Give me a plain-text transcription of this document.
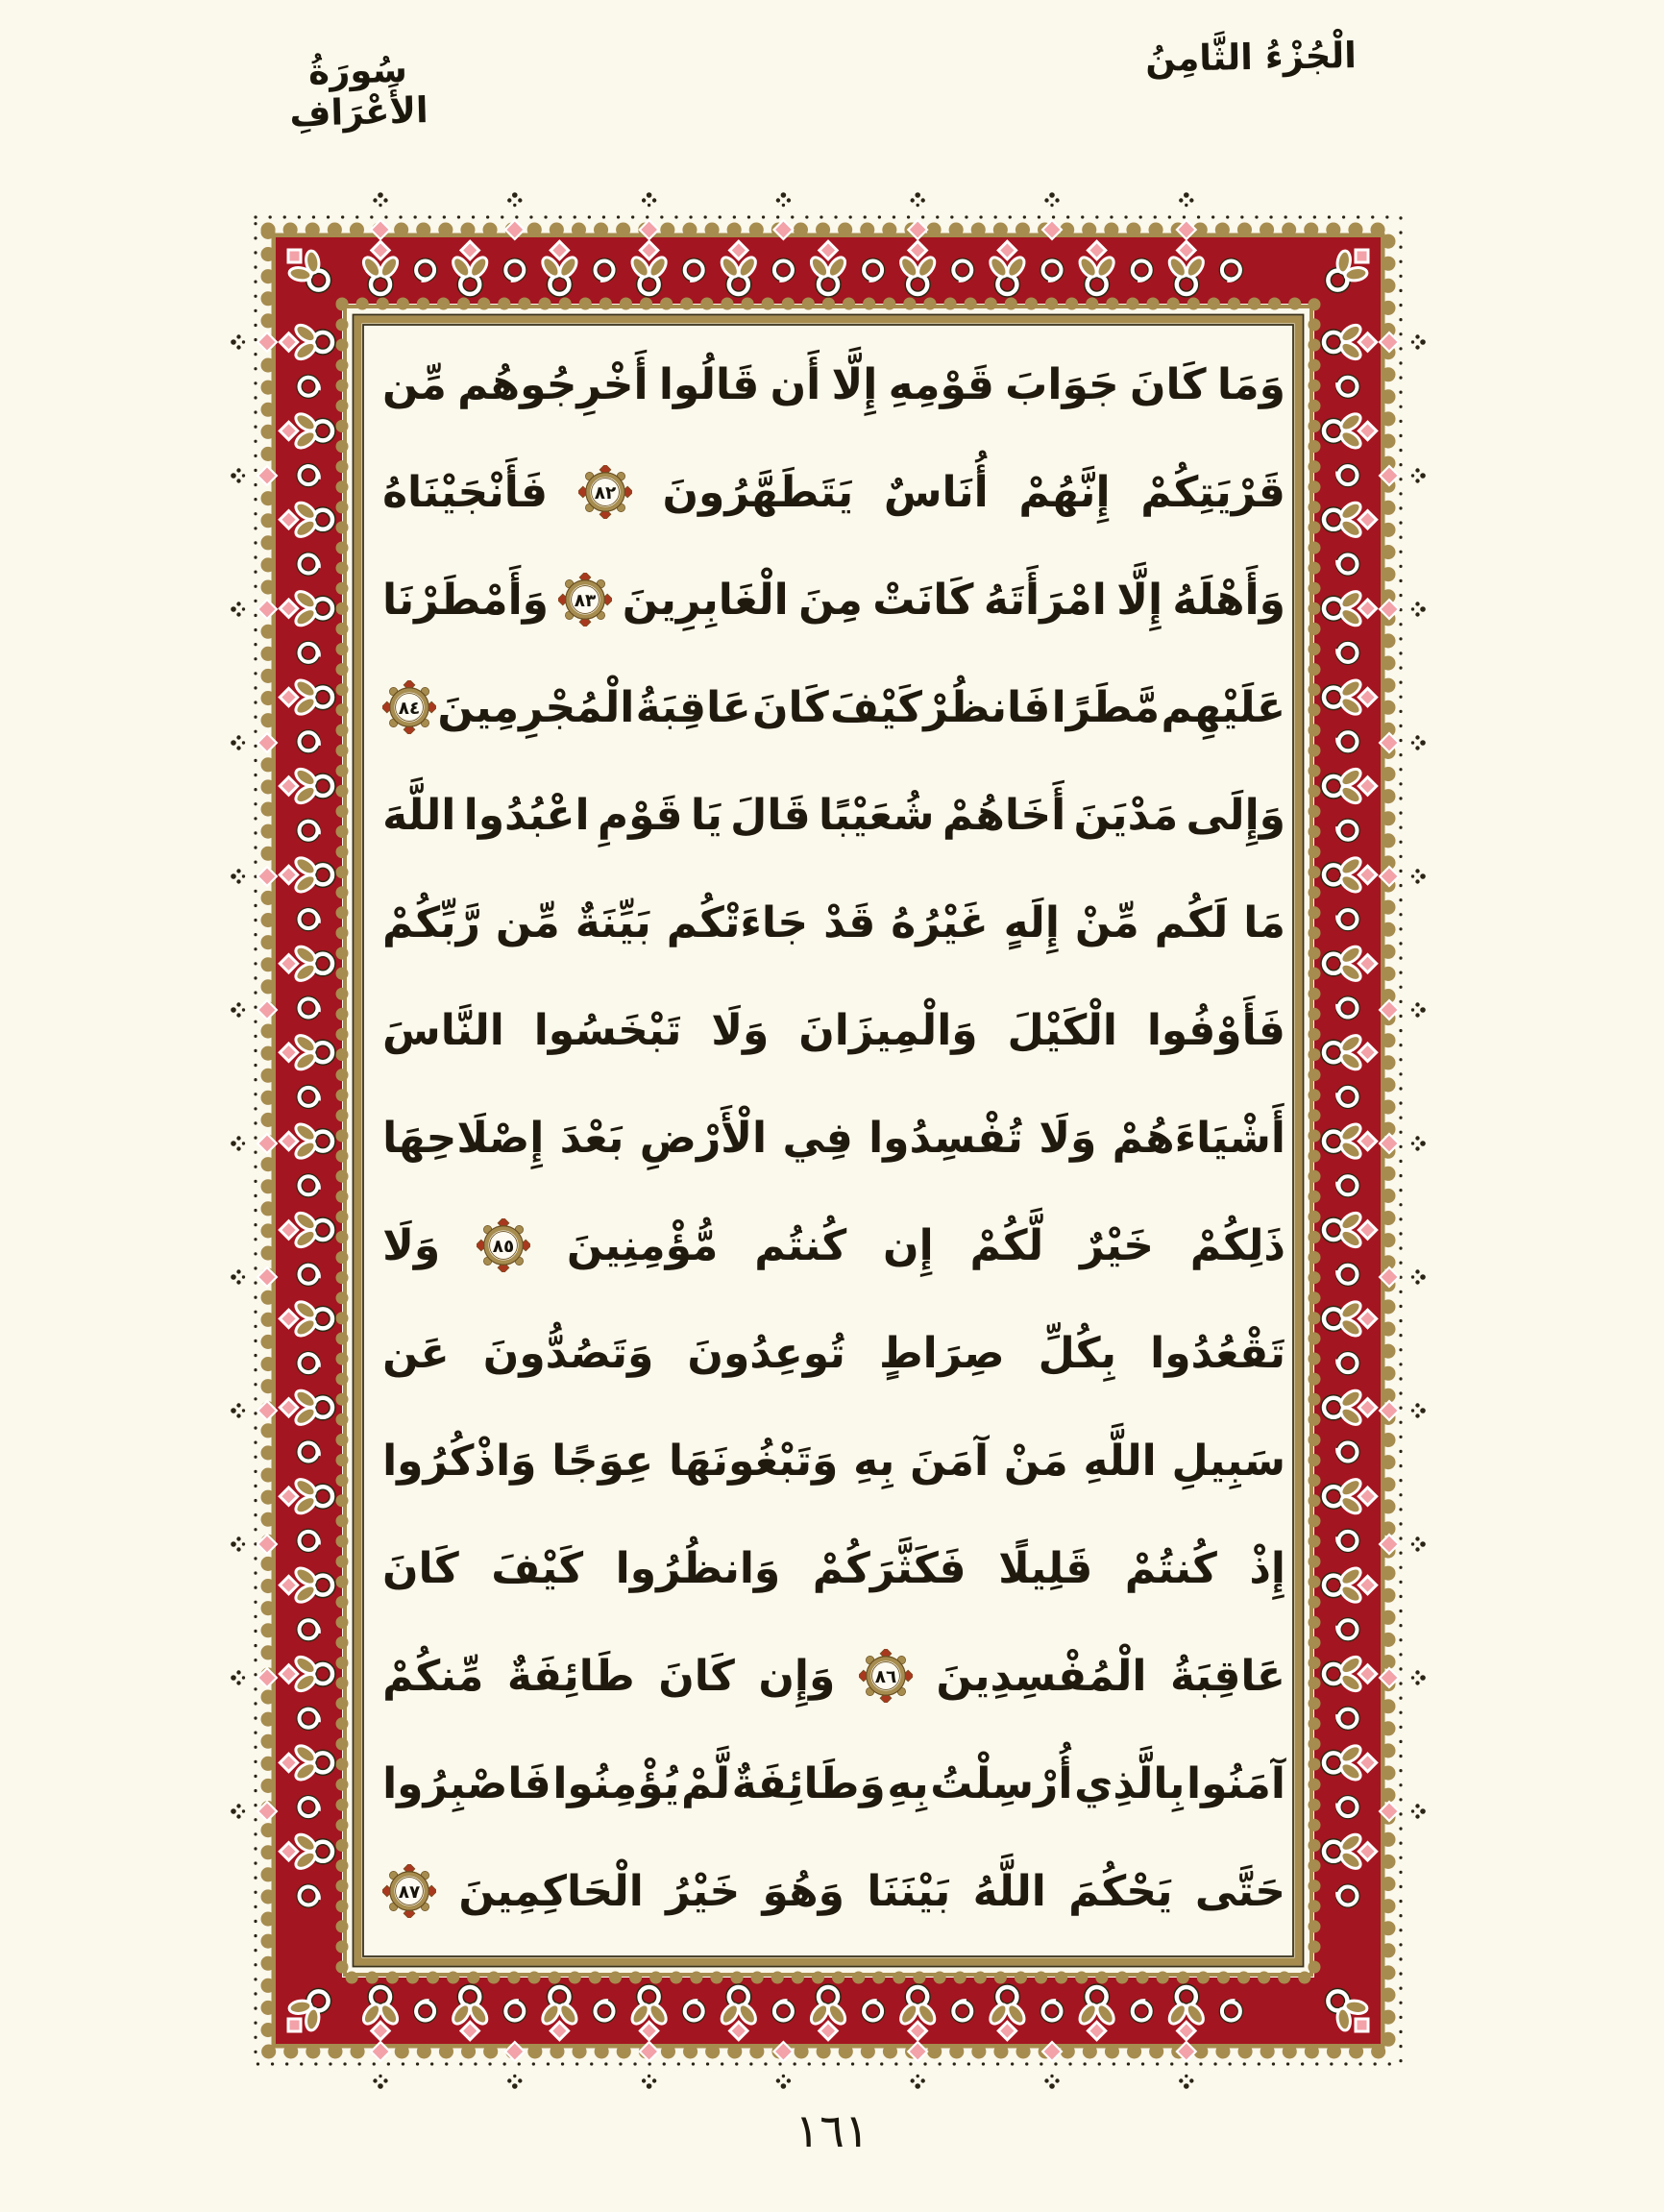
سُورَةُ الأَعْرَافِ
الْجُزْءُ الثَّامِنُ
وَمَا
كَانَ
جَوَابَ
قَوْمِهِ
إِلَّا
أَن
قَالُوا
أَخْرِجُوهُم
مِّن
قَرْيَتِكُمْ
إِنَّهُمْ
أُنَاسٌ
يَتَطَهَّرُونَ
٨٢
فَأَنْجَيْنَاهُ
وَأَهْلَهُ
إِلَّا
امْرَأَتَهُ
كَانَتْ
مِنَ
الْغَابِرِينَ
٨٣
وَأَمْطَرْنَا
عَلَيْهِم
مَّطَرًا
فَانظُرْ
كَيْفَ
كَانَ
عَاقِبَةُ
الْمُجْرِمِينَ
٨٤
وَإِلَى
مَدْيَنَ
أَخَاهُمْ
شُعَيْبًا
قَالَ
يَا
قَوْمِ
اعْبُدُوا
اللَّهَ
مَا
لَكُم
مِّنْ
إِلَهٍ
غَيْرُهُ
قَدْ
جَاءَتْكُم
بَيِّنَةٌ
مِّن
رَّبِّكُمْ
فَأَوْفُوا
الْكَيْلَ
وَالْمِيزَانَ
وَلَا
تَبْخَسُوا
النَّاسَ
أَشْيَاءَهُمْ
وَلَا
تُفْسِدُوا
فِي
الْأَرْضِ
بَعْدَ
إِصْلَاحِهَا
ذَلِكُمْ
خَيْرٌ
لَّكُمْ
إِن
كُنتُم
مُّؤْمِنِينَ
٨٥
وَلَا
تَقْعُدُوا
بِكُلِّ
صِرَاطٍ
تُوعِدُونَ
وَتَصُدُّونَ
عَن
سَبِيلِ
اللَّهِ
مَنْ
آمَنَ
بِهِ
وَتَبْغُونَهَا
عِوَجًا
وَاذْكُرُوا
إِذْ
كُنتُمْ
قَلِيلًا
فَكَثَّرَكُمْ
وَانظُرُوا
كَيْفَ
كَانَ
عَاقِبَةُ
الْمُفْسِدِينَ
٨٦
وَإِن
كَانَ
طَائِفَةٌ
مِّنكُمْ
آمَنُوا
بِالَّذِي
أُرْسِلْتُ
بِهِ
وَطَائِفَةٌ
لَّمْ
يُؤْمِنُوا
فَاصْبِرُوا
حَتَّى
يَحْكُمَ
اللَّهُ
بَيْنَنَا
وَهُوَ
خَيْرُ
الْحَاكِمِينَ
٨٧
١٦١
